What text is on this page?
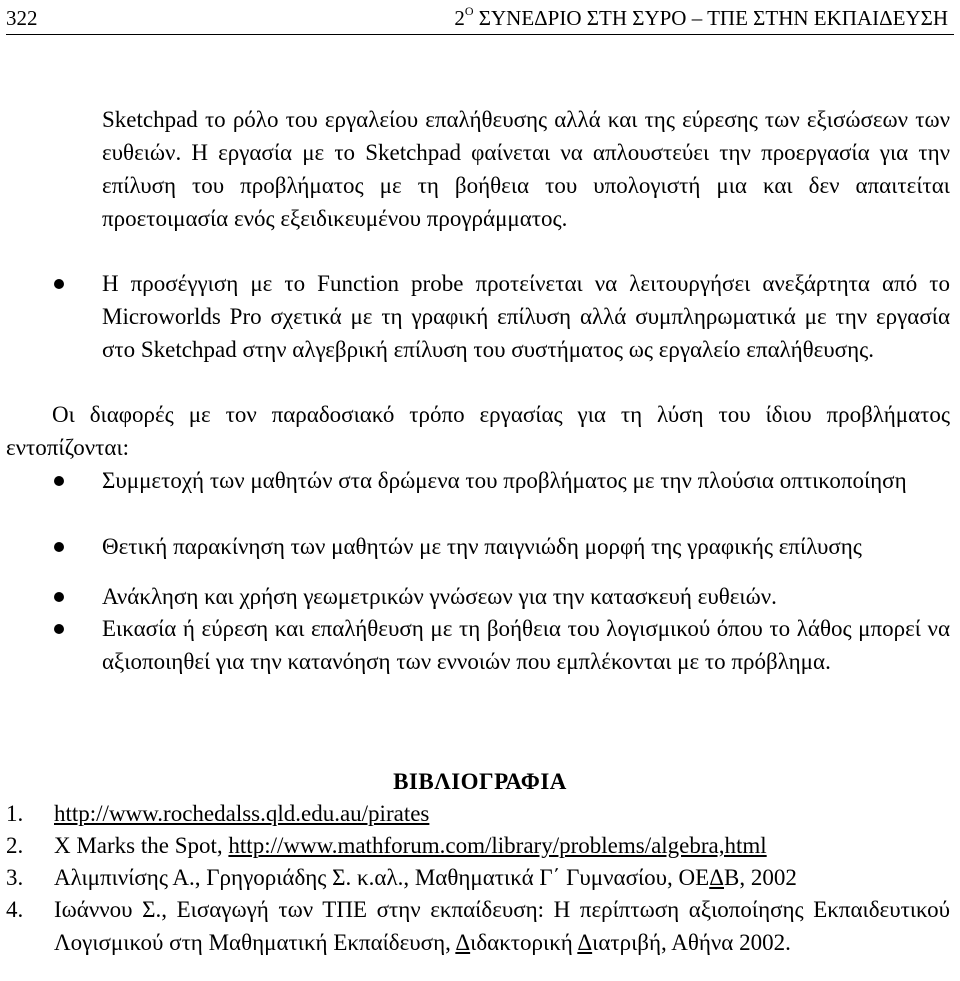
322	$2^O$ ΣΥΝΕΔΡΙΟ ΣΤΗ ΣΥΡΟ – ΤΠΕ ΣΤΗΝ ΕΚΠΑΙΔΕΥΣΗ
Sketchpad το ρόλο του εργαλείου επαλήθευσης αλλά και της εύρεσης των εξισώσεων των ευθειών. Η εργασία με το Sketchpad φαίνεται να απλουστεύει την προεργασία για την επίλυση του προβλήματος με τη βοήθεια του υπολογιστή μια και δεν απαιτείται προετοιμασία ενός εξειδικευμένου προγράμματος.
Η προσέγγιση με το Function probe προτείνεται να λειτουργήσει ανεξάρτητα από το Microworlds Pro σχετικά με τη γραφική επίλυση αλλά συμπληρωματικά με την εργασία στο Sketchpad στην αλγεβρική επίλυση του συστήματος ως εργαλείο επαλήθευσης.
Οι διαφορές με τον παραδοσιακό τρόπο εργασίας για τη λύση του ίδιου προβλήματος εντοπίζονται:
Συμμετοχή των μαθητών στα δρώμενα του προβλήματος με την πλούσια οπτικοποίηση
Θετική παρακίνηση των μαθητών με την παιγνιώδη μορφή της γραφικής επίλυσης
Ανάκληση και χρήση γεωμετρικών γνώσεων για την κατασκευή ευθειών.
Εικασία ή εύρεση και επαλήθευση με τη βοήθεια του λογισμικού όπου το λάθος μπορεί να αξιοποιηθεί για την κατανόηση των εννοιών που εμπλέκονται με το πρόβλημα.
ΒΙΒΛΙΟΓΡΑΦΙΑ
1. http://www.rochedalss.qld.edu.au/pirates
2. X Marks the Spot, http://www.mathforum.com/library/problems/algebra,html
3. Αλιμπινίσης Α., Γρηγοριάδης Σ. κ.αλ., Μαθηματικά Γ΄ Γυμνασίου, ΟΕΔΒ, 2002
4. Ιωάννου Σ., Εισαγωγή των ΤΠΕ στην εκπαίδευση: Η περίπτωση αξιοποίησης Εκπαιδευτικού Λογισμικού στη Μαθηματική Εκπαίδευση, Διδακτορική Διατριβή, Αθήνα 2002.
